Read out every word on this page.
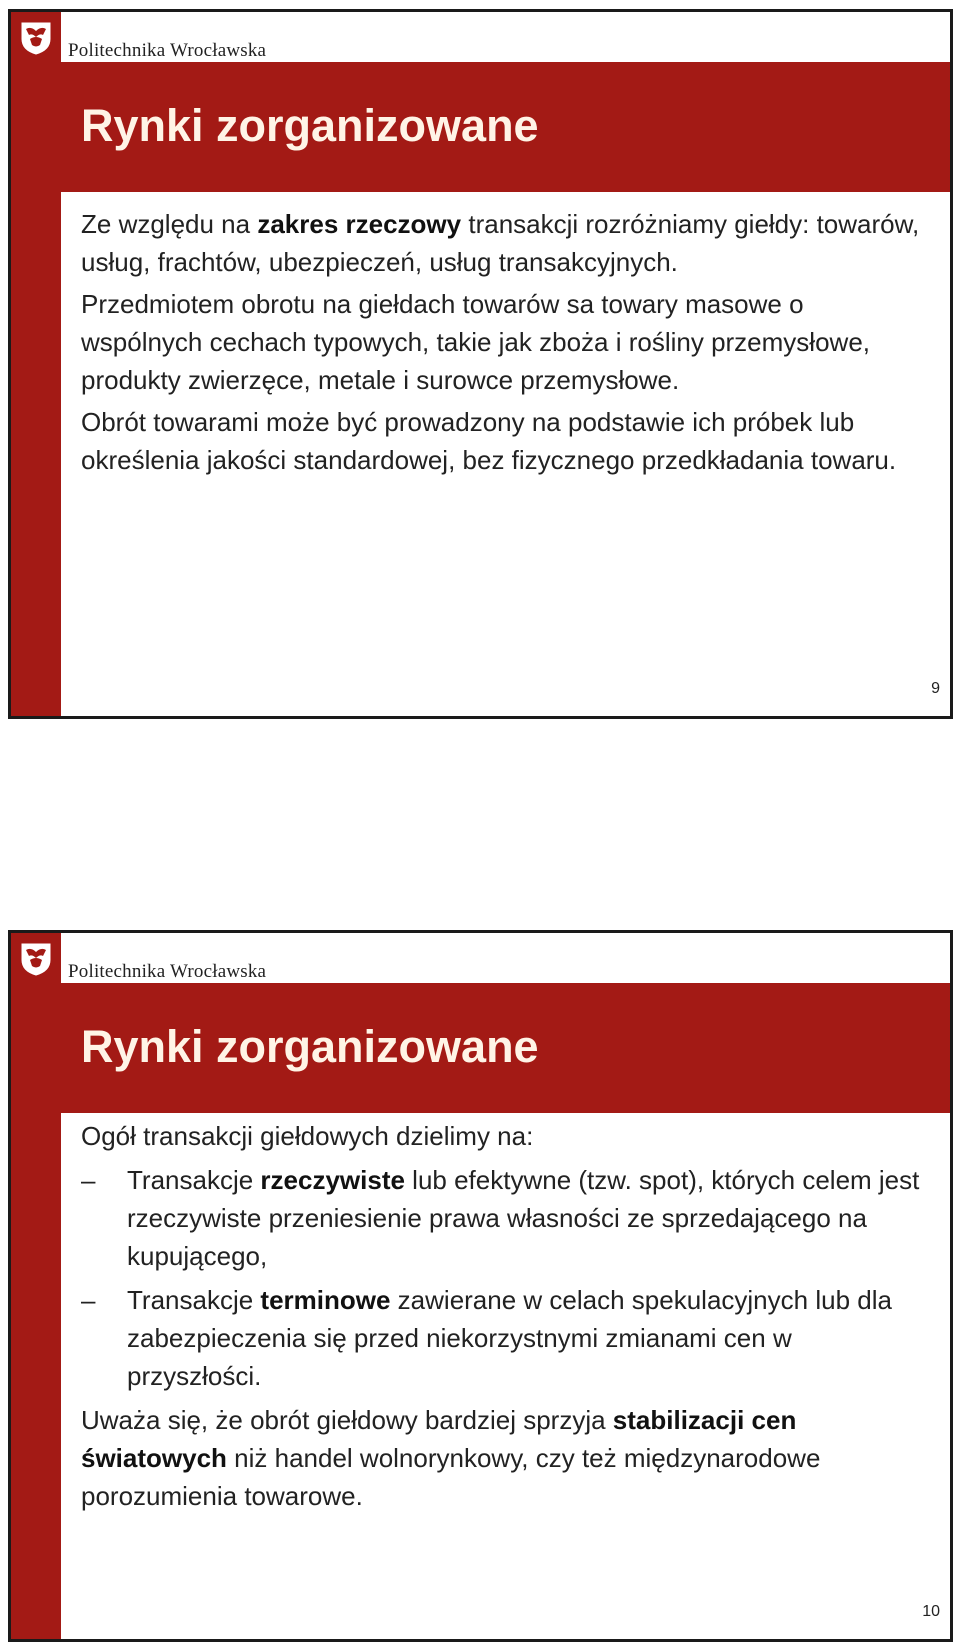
Politechnika Wrocławska
Rynki zorganizowane

Ze względu na zakres rzeczowy transakcji rozróżniamy giełdy: towarów, usług, frachtów, ubezpieczeń, usług transakcyjnych.

Przedmiotem obrotu na giełdach towarów sa towary masowe o wspólnych cechach typowych, takie jak zboża i rośliny przemysłowe, produkty zwierzęce, metale i surowce przemysłowe.

Obrót towarami może być prowadzony na podstawie ich próbek lub określenia jakości standardowej, bez fizycznego przedkładania towaru.

9
Politechnika Wrocławska
Rynki zorganizowane

Ogół transakcji giełdowych dzielimy na:

–	Transakcje rzeczywiste lub efektywne (tzw. spot), których celem jest rzeczywiste przeniesienie prawa własności ze sprzedającego na kupującego,
–	Transakcje terminowe zawierane w celach spekulacyjnych lub dla zabezpieczenia się przed niekorzystnymi zmianami cen w przyszłości.

Uważa się, że obrót giełdowy bardziej sprzyja stabilizacji cen światowych niż handel wolnorynkowy, czy też międzynarodowe porozumienia towarowe.

10
